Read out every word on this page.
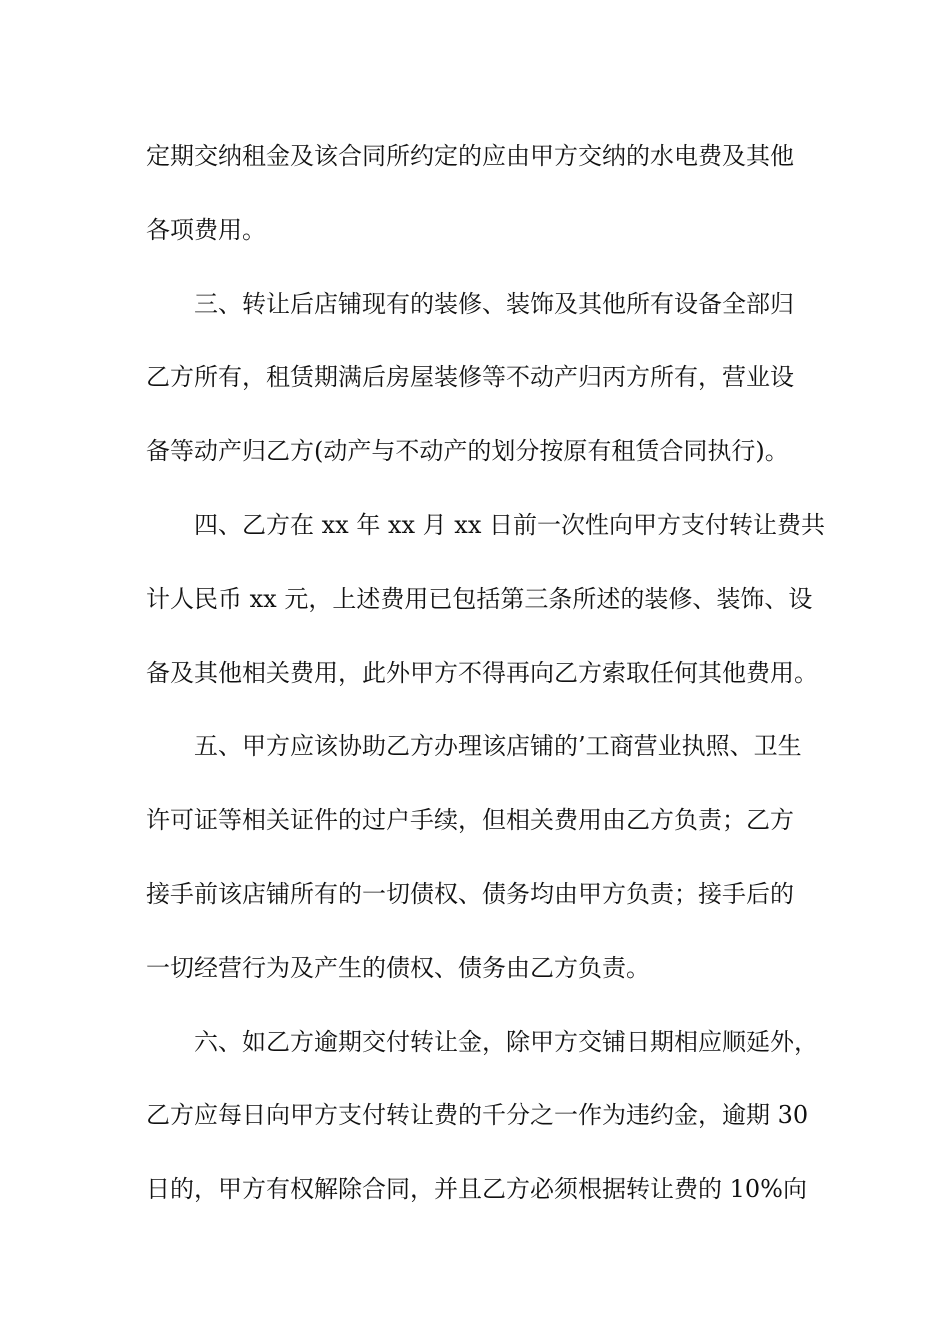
定期交纳租金及该合同所约定的应由甲方交纳的水电费及其他
各项费用。
三、转让后店铺现有的装修、装饰及其他所有设备全部归
乙方所有，租赁期满后房屋装修等不动产归丙方所有，营业设
备等动产归乙方(动产与不动产的划分按原有租赁合同执行)。
四、乙方在 xx 年 xx 月 xx 日前一次性向甲方支付转让费共
计人民币 xx 元，上述费用已包括第三条所述的装修、装饰、设
备及其他相关费用，此外甲方不得再向乙方索取任何其他费用。
五、甲方应该协助乙方办理该店铺的’工商营业执照、卫生
许可证等相关证件的过户手续，但相关费用由乙方负责；乙方
接手前该店铺所有的一切债权、债务均由甲方负责；接手后的
一切经营行为及产生的债权、债务由乙方负责。
六、如乙方逾期交付转让金，除甲方交铺日期相应顺延外，
乙方应每日向甲方支付转让费的千分之一作为违约金，逾期 30
日的，甲方有权解除合同，并且乙方必须根据转让费的 10%向
